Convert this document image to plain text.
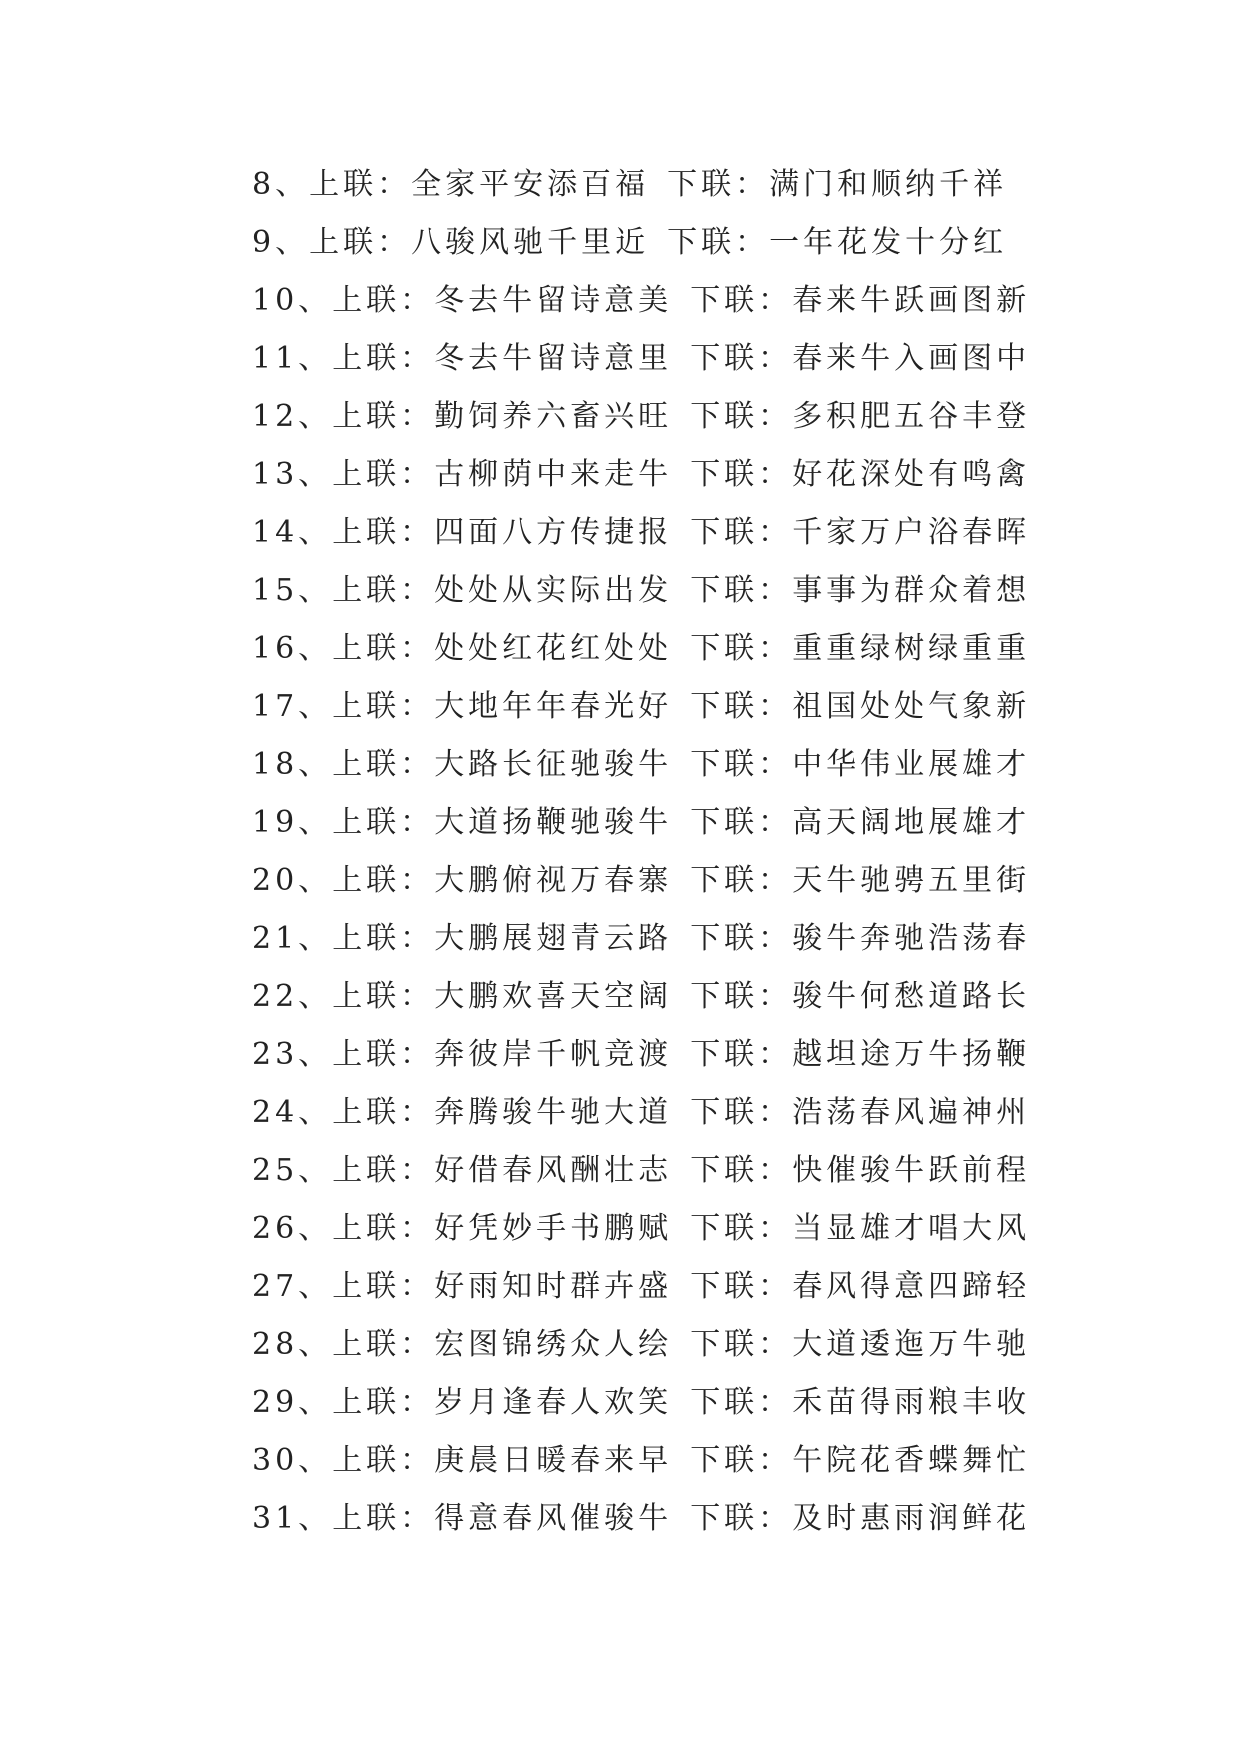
8、上联：全家平安添百福 下联：满门和顺纳千祥
9、上联：八骏风驰千里近 下联：一年花发十分红
10、上联：冬去牛留诗意美 下联：春来牛跃画图新
11、上联：冬去牛留诗意里 下联：春来牛入画图中
12、上联：勤饲养六畜兴旺 下联：多积肥五谷丰登
13、上联：古柳荫中来走牛 下联：好花深处有鸣禽
14、上联：四面八方传捷报 下联：千家万户浴春晖
15、上联：处处从实际出发 下联：事事为群众着想
16、上联：处处红花红处处 下联：重重绿树绿重重
17、上联：大地年年春光好 下联：祖国处处气象新
18、上联：大路长征驰骏牛 下联：中华伟业展雄才
19、上联：大道扬鞭驰骏牛 下联：高天阔地展雄才
20、上联：大鹏俯视万春寨 下联：天牛驰骋五里街
21、上联：大鹏展翅青云路 下联：骏牛奔驰浩荡春
22、上联：大鹏欢喜天空阔 下联：骏牛何愁道路长
23、上联：奔彼岸千帆竞渡 下联：越坦途万牛扬鞭
24、上联：奔腾骏牛驰大道 下联：浩荡春风遍神州
25、上联：好借春风酬壮志 下联：快催骏牛跃前程
26、上联：好凭妙手书鹏赋 下联：当显雄才唱大风
27、上联：好雨知时群卉盛 下联：春风得意四蹄轻
28、上联：宏图锦绣众人绘 下联：大道逶迤万牛驰
29、上联：岁月逢春人欢笑 下联：禾苗得雨粮丰收
30、上联：庚晨日暖春来早 下联：午院花香蝶舞忙
31、上联：得意春风催骏牛 下联：及时惠雨润鲜花
